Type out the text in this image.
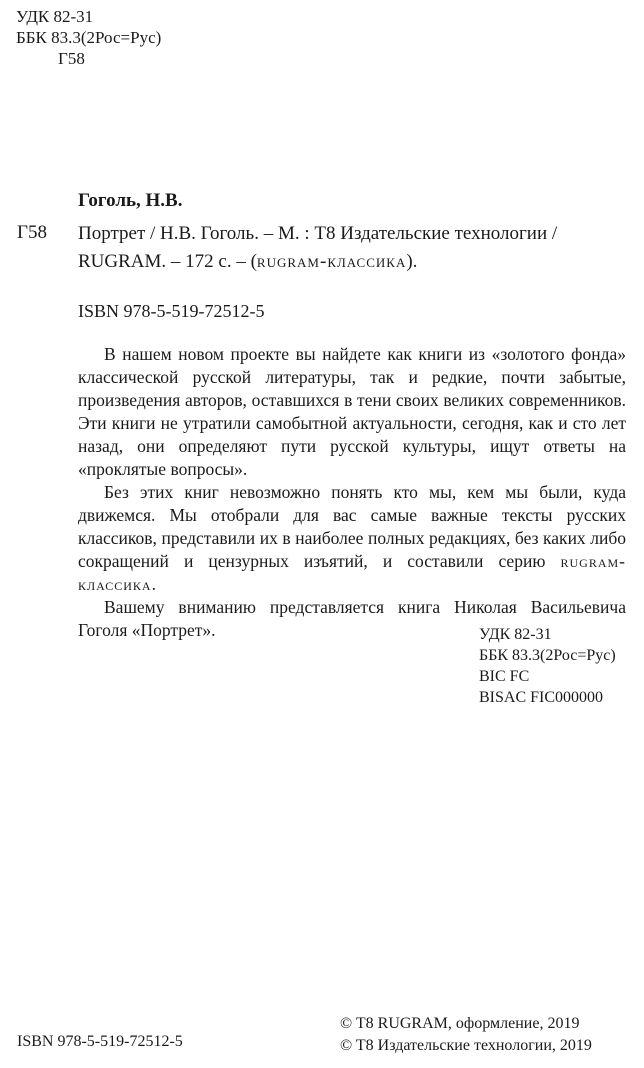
УДК 82-31
ББК 83.3(2Рос=Рус)
Г58
Гоголь, Н.В.
Г58 Портрет / Н.В. Гоголь. – М. : Т8 Издательские технологии / RUGRAM. – 172 с. – (rugram-классика).
ISBN 978-5-519-72512-5

В нашем новом проекте вы найдете как книги из «золотого фонда» классической русской литературы, так и редкие, почти забытые, произведения авторов, оставшихся в тени своих великих современников. Эти книги не утратили самобытной актуальности, сегодня, как и сто лет назад, они определяют пути русской культуры, ищут ответы на «проклятые вопросы».

Без этих книг невозможно понять кто мы, кем мы были, куда движемся. Мы отобрали для вас самые важные тексты русских классиков, представили их в наиболее полных редакциях, без каких либо сокращений и цензурных изъятий, и составили серию rugram-классика.

Вашему вниманию представляется книга Николая Васильевича Гоголя «Портрет».	УДК 82-31
ББК 83.3(2Рос=Рус)
BIC FC
BISAC FIC000000
ISBN 978-5-519-72512-5
© T8 RUGRAM, оформление, 2019
© T8 Издательские технологии, 2019
